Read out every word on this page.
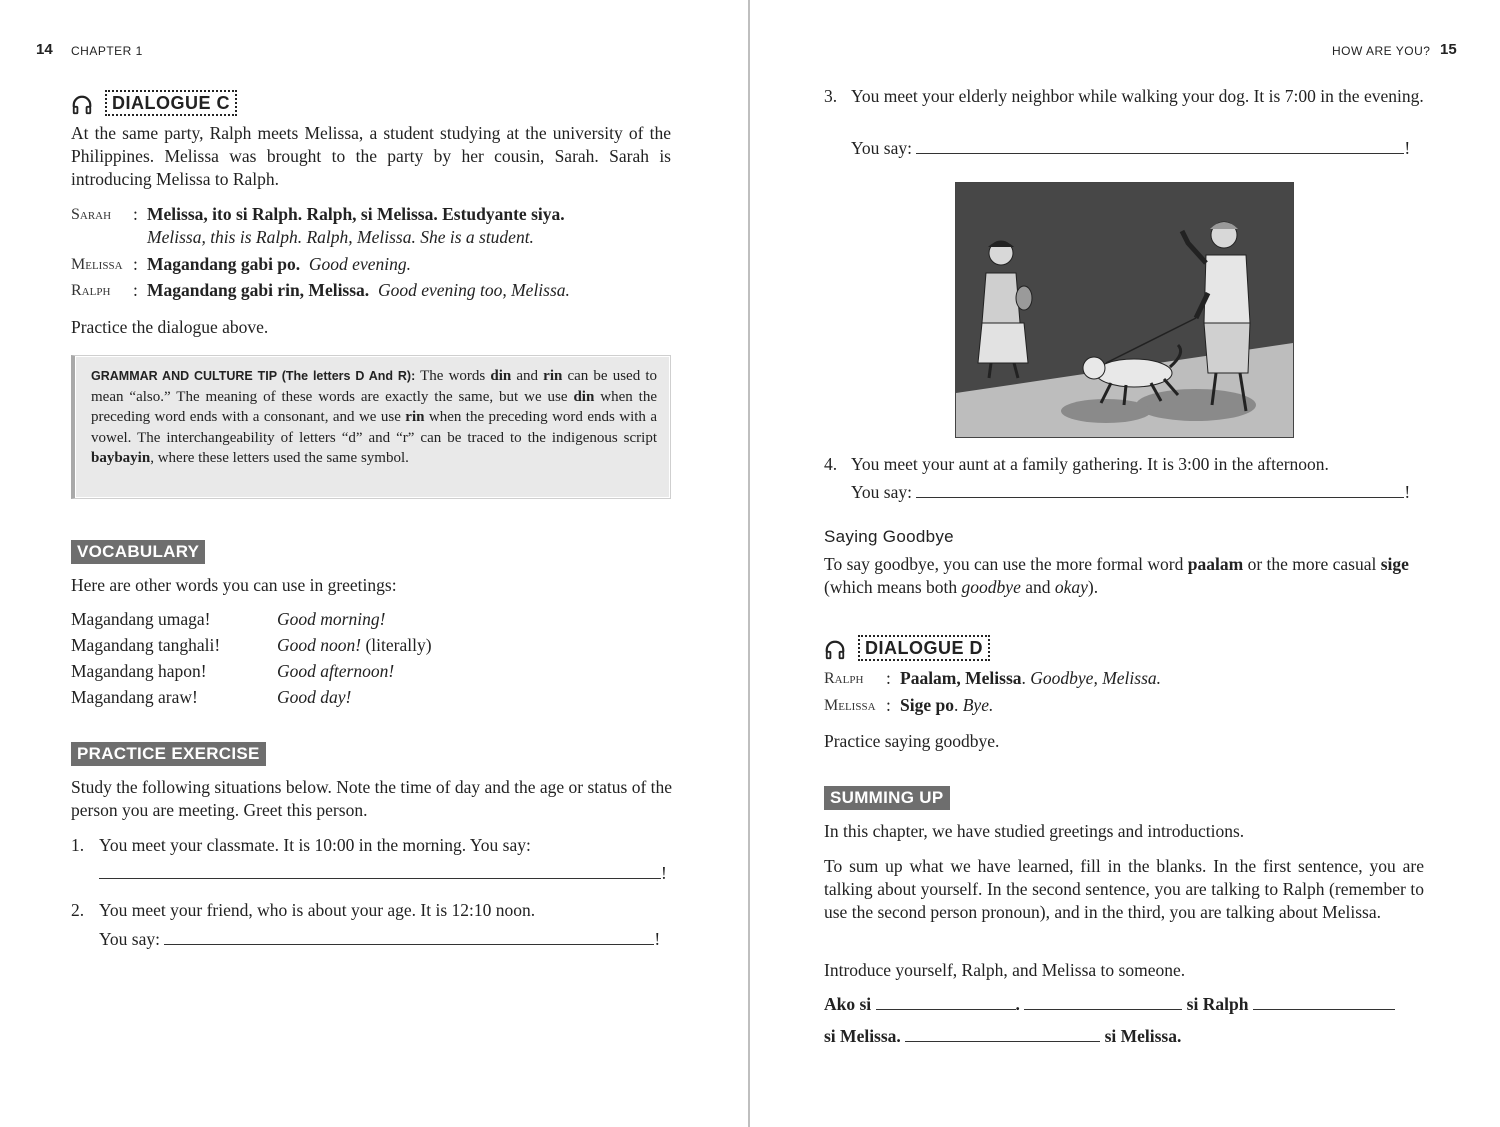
14 CHAPTER 1
DIALOGUE C
At the same party, Ralph meets Melissa, a student studying at the university of the Philippines. Melissa was brought to the party by her cousin, Sarah. Sarah is introducing Melissa to Ralph.
Sarah : Melissa, ito si Ralph. Ralph, si Melissa. Estudyante siya.
Melissa, this is Ralph. Ralph, Melissa. She is a student.
Melissa : Magandang gabi po. Good evening.
Ralph : Magandang gabi rin, Melissa. Good evening too, Melissa.
Practice the dialogue above.
GRAMMAR AND CULTURE TIP (The letters D And R): The words din and rin can be used to mean “also.” The meaning of these words are exactly the same, but we use din when the preceding word ends with a consonant, and we use rin when the preceding word ends with a vowel. The interchangeability of letters “d” and “r” can be traced to the indigenous script baybayin, where these letters used the same symbol.
VOCABULARY
Here are other words you can use in greetings:
Magandang umaga!	Good morning!
Magandang tanghali!	Good noon! (literally)
Magandang hapon!	Good afternoon!
Magandang araw!	Good day!
PRACTICE EXERCISE
Study the following situations below. Note the time of day and the age or status of the person you are meeting. Greet this person.
1. You meet your classmate. It is 10:00 in the morning. You say:
!
2. You meet your friend, who is about your age. It is 12:10 noon.
You say:	!
HOW ARE YOU? 15
3. You meet your elderly neighbor while walking your dog. It is 7:00 in the evening.
You say:	!
4. You meet your aunt at a family gathering. It is 3:00 in the afternoon.
You say:	!
Saying Goodbye
To say goodbye, you can use the more formal word paalam or the more casual sige (which means both goodbye and okay).
DIALOGUE D
Ralph : Paalam, Melissa. Goodbye, Melissa.
Melissa : Sige po. Bye.
Practice saying goodbye.
SUMMING UP
In this chapter, we have studied greetings and introductions.
To sum up what we have learned, fill in the blanks. In the first sentence, you are talking about yourself. In the second sentence, you are talking to Ralph (remember to use the second person pronoun), and in the third, you are talking about Melissa.
Introduce yourself, Ralph, and Melissa to someone.
Ako si	.	si Ralph
si Melissa.	si Melissa.
